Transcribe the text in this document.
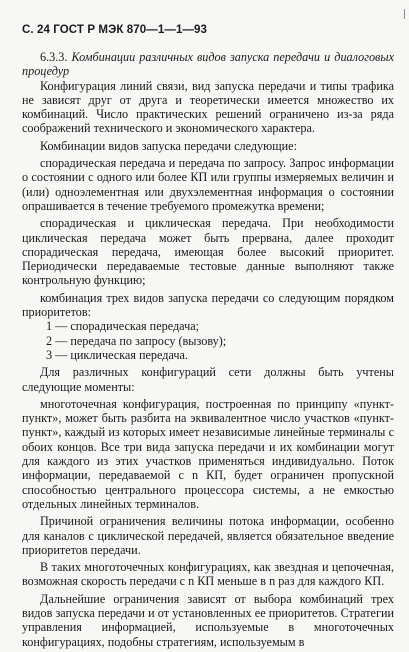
С. 24 ГОСТ Р МЭК 870—1—1—93
6.3.3. Комбинации различных видов запуска передачи и диалоговых процедур

Конфигурация линий связи, вид запуска передачи и типы трафика не зависят друг от друга и теоретически имеется множество их комбинаций. Число практических решений ограничено из-за ряда соображений технического и экономического характера.

Комбинации видов запуска передачи следующие:

спорадическая передача и передача по запросу. Запрос информации о состоянии с одного или более КП или группы измеряемых величин и (или) одноэлементная или двухэлементная информация о состоянии опрашивается в течение требуемого промежутка времени;

спорадическая и циклическая передача. При необходимости циклическая передача может быть прервана, далее проходит спорадическая передача, имеющая более высокий приоритет. Периодически передаваемые тестовые данные выполняют также контрольную функцию;

комбинация трех видов запуска передачи со следующим порядком приоритетов:

1 — спорадическая передача;
2 — передача по запросу (вызову);
3 — циклическая передача.

Для различных конфигураций сети должны быть учтены следующие моменты:

многоточечная конфигурация, построенная по принципу «пункт-пункт», может быть разбита на эквивалентное число участков «пункт-пункт», каждый из которых имеет независимые линейные терминалы с обоих концов. Все три вида запуска передачи и их комбинации могут для каждого из этих участков применяться индивидуально. Поток информации, передаваемой с n КП, будет ограничен пропускной способностью центрального процессора системы, а не емкостью отдельных линейных терминалов.

Причиной ограничения величины потока информации, особенно для каналов с циклической передачей, является обязательное введение приоритетов передачи.

В таких многоточечных конфигурациях, как звездная и цепочечная, возможная скорость передачи с n КП меньше в n раз для каждого КП.

Дальнейшие ограничения зависят от выбора комбинаций трех видов запуска передачи и от установленных ее приоритетов. Стратегии управления информацией, используемые в многоточечных конфигурациях, подобны стратегиям, используемым в
